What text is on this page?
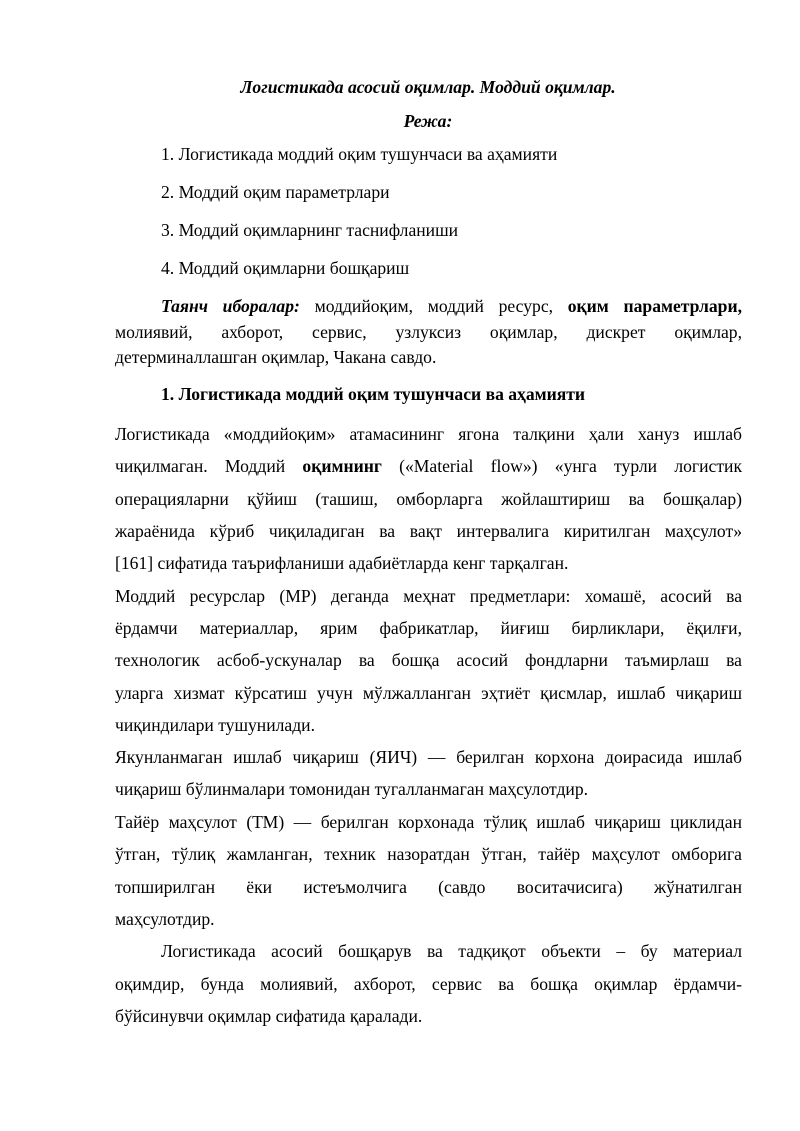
Логистикада асосий оқимлар. Моддий оқимлар.
Режа:
1. Логистикада моддий оқим тушунчаси ва аҳамияти
2. Моддий оқим параметрлари
3. Моддий оқимларнинг таснифланиши
4. Моддий оқимларни бошқариш
Таянч иборалар: моддийоқим, моддий ресурс, оқим параметрлари,
молиявий, ахборот, сервис, узлуксиз оқимлар, дискрет оқимлар,
детерминаллашган оқимлар, Чакана савдо.
1. Логистикада моддий оқим тушунчаси ва аҳамияти
Логистикада «моддийоқим» атамасининг ягона талқини ҳали хануз ишлаб
чиқилмаган. Моддий оқимнинг («Material flow») «унга турли логистик
операцияларни қўйиш (ташиш, омборларга жойлаштириш ва бошқалар)
жараёнида кўриб чиқиладиган ва вақт интервалига киритилган маҳсулот»
[161] сифатида таърифланиши адабиётларда кенг тарқалган.
Моддий ресурслар (МР) деганда меҳнат предметлари: хомашё, асосий ва
ёрдамчи материаллар, ярим фабрикатлар, йиғиш бирликлари, ёқилғи,
технологик асбоб-ускуналар ва бошқа асосий фондларни таъмирлаш ва
уларга хизмат кўрсатиш учун мўлжалланган эҳтиёт қисмлар, ишлаб чиқариш
чиқиндилари тушунилади.
Якунланмаган ишлаб чиқариш (ЯИЧ) — берилган корхона доирасида ишлаб
чиқариш бўлинмалари томонидан тугалланмаган маҳсулотдир.
Тайёр маҳсулот (ТМ) — берилган корхонада тўлиқ ишлаб чиқариш циклидан
ўтган, тўлиқ жамланган, техник назоратдан ўтган, тайёр маҳсулот омборига
топширилган ёки истеъмолчига (савдо воситачисига) жўнатилган
маҳсулотдир.
Логистикада асосий бошқарув ва тадқиқот объекти – бу материал
оқимдир, бунда молиявий, ахборот, сервис ва бошқа оқимлар ёрдамчи-
бўйсинувчи оқимлар сифатида қаралади.
